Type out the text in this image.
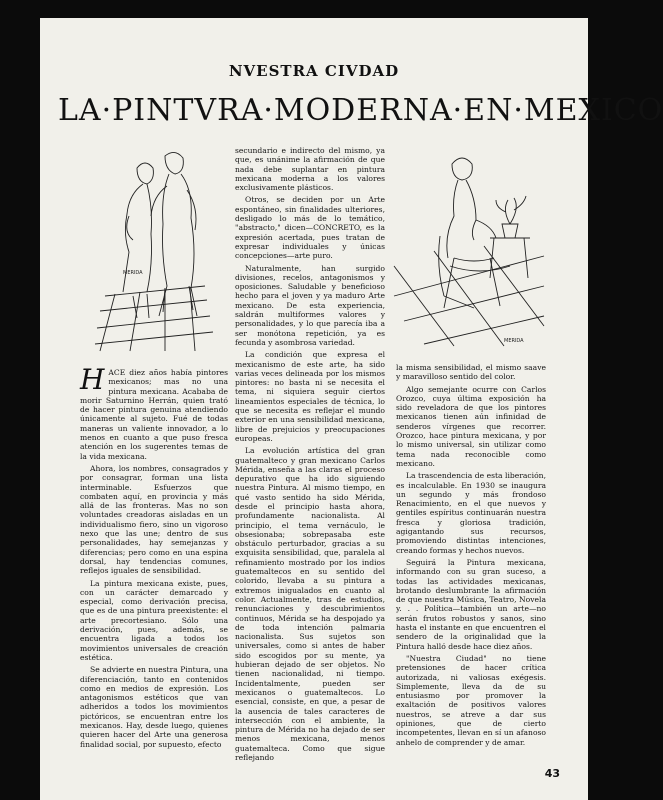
NVESTRA CIVDAD
LA·PINTVRA·MODERNA·EN·MEXICO
MERIDA
MERIDA
H ACE diez años había pintores mexicanos; mas no una pintura mexicana. Acababa de morir Saturnino Herrán, quien trató de hacer pintura genuina atendiendo únicamente al sujeto. Fué de todas maneras un valiente innovador, a lo menos en cuanto a que puso fresca atención en los sugerentes temas de la vida mexicana.

Ahora, los nombres, consagrados y por consagrar, forman una lista interminable. Esfuerzos que combaten aquí, en provincia y más allá de las fronteras. Mas no son voluntades creadoras aisladas en un individualismo fiero, sino un vigoroso nexo que las une; dentro de sus personalidades, hay semejanzas y diferencias; pero como en una espina dorsal, hay tendencias comunes, reflejos iguales de sensibilidad.

La pintura mexicana existe, pues, con un carácter demarcado y especial, como derivación precisa, que es de una pintura preexistente: el arte precortesiano. Sólo una derivación, pues, además, se encuentra ligada a todos los movimientos universales de creación estética.

Se advierte en nuestra Pintura, una diferenciación, tanto en contenidos como en medios de expresión. Los antagonismos estéticos que van adheridos a todos los movimientos pictóricos, se encuentran entre los mexicanos. Hay, desde luego, quienes quieren hacer del Arte una generosa finalidad social, por supuesto, efecto

secundario e indirecto del mismo, ya que, es unánime la afirmación de que nada debe suplantar en pintura mexicana moderna a los valores exclusivamente plásticos.

Otros, se deciden por un Arte espontáneo, sin finalidades ulteriores, desligado lo más de lo temático, "abstracto," dicen—CONCRETO, es la expresión acertada, pues tratan de expresar individuales y únicas concepciones—arte puro.

Naturalmente, han surgido divisiones, recelos, antagonismos y oposiciones. Saludable y beneficioso hecho para el joven y ya maduro Arte mexicano. De esta experiencia, saldrán multiformes valores y personalidades, y lo que parecía iba a ser monótona repetición, ya es fecunda y asombrosa variedad.

La condición que expresa el mexicanismo de este arte, ha sido varias veces delineada por los mismos pintores: no basta ni se necesita el tema, ni siquiera seguir ciertos lineamientos especiales de técnica, lo que se necesita es reflejar el mundo exterior en una sensibilidad mexicana, libre de prejuicios y preocupaciones europeas.

La evolución artística del gran guatemalteco y gran mexicano Carlos Mérida, enseña a las claras el proceso depurativo que ha ido siguiendo nuestra Pintura. Al mismo tiempo, en qué vasto sentido ha sido Mérida, desde el principio hasta ahora, profundamente nacionalista. Al principio, el tema vernáculo, le obsesionaba; sobrepasaba este obstáculo perturbador, gracias a su exquisita sensibilidad, que, paralela al refinamiento mostrado por los indios guatemaltecos en su sentido del colorido, llevaba a su pintura a extremos inigualados en cuanto al color. Actualmente, tras de estudios, renunciaciones y descubrimientos continuos, Mérida se ha despojado ya de toda intención palmaria nacionalista. Sus sujetos son universales, como si antes de haber sido escogidos por su mente, ya hubieran dejado de ser objetos. No tienen nacionalidad, ni tiempo. Incidentalmente, pueden ser mexicanos o guatemaltecos. Lo esencial, consiste, en que, a pesar de la ausencia de tales caracteres de intersección con el ambiente, la pintura de Mérida no ha dejado de ser menos mexicana, menos guatemalteca. Como que sigue reflejando

la misma sensibilidad, el mismo saave y maravilloso sentido del color.

Algo semejante ocurre con Carlos Orozco, cuya última exposición ha sido reveladora de que los pintores mexicanos tienen aún infinidad de senderos vírgenes que recorrer. Orozco, hace pintura mexicana, y por lo mismo universal, sin utilizar como tema nada reconocible como mexicano.

La trascendencia de esta liberación, es incalculable. En 1930 se inaugura un segundo y más frondoso Renacimiento, en el que nuevos y gentiles espíritus continuarán nuestra fresca y gloriosa tradición, agigantando sus recursos, promoviendo distintas intenciones, creando formas y hechos nuevos.

Seguirá la Pintura mexicana, informando con su gran suceso, a todas las actividades mexicanas, brotando deslumbrante la afirmación de que nuestra Música, Teatro, Novela y. . . Política—también un arte—no serán frutos robustos y sanos, sino hasta el instante en que encuentren el sendero de la originalidad que la Pintura halló desde hace diez años.

"Nuestra Ciudad" no tiene pretensiones de hacer crítica autorizada, ni valiosas exégesis. Simplemente, lleva da de su entusiasmo por promover la exaltación de positivos valores nuestros, se atreve a dar sus opiniones, que de cierto incompetentes, llevan en sí un afanoso anhelo de comprender y de amar.

43
